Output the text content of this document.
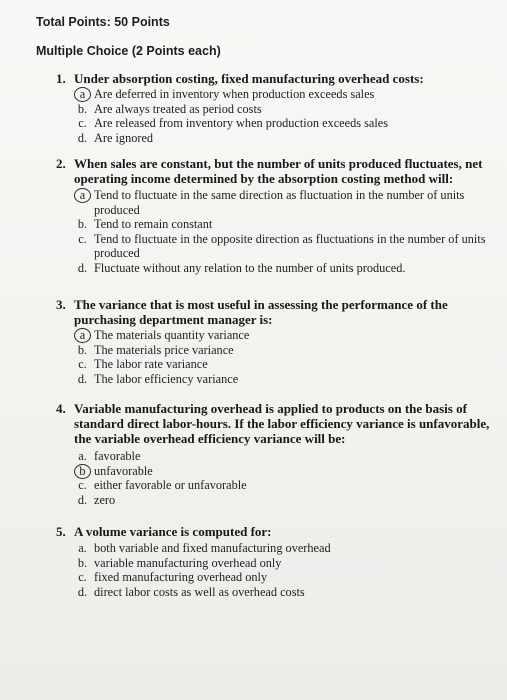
Total Points: 50 Points
Multiple Choice (2 Points each)
1. Under absorption costing, fixed manufacturing overhead costs:
a Are deferred in inventory when production exceeds sales
b. Are always treated as period costs
c. Are released from inventory when production exceeds sales
d. Are ignored
2. When sales are constant, but the number of units produced fluctuates, net operating income determined by the absorption costing method will:
a Tend to fluctuate in the same direction as fluctuation in the number of units produced
b. Tend to remain constant
c. Tend to fluctuate in the opposite direction as fluctuations in the number of units produced
d. Fluctuate without any relation to the number of units produced.
3. The variance that is most useful in assessing the performance of the purchasing department manager is:
a The materials quantity variance
b. The materials price variance
c. The labor rate variance
d. The labor efficiency variance
4. Variable manufacturing overhead is applied to products on the basis of standard direct labor-hours. If the labor efficiency variance is unfavorable, the variable overhead efficiency variance will be:
a. favorable
b unfavorable
c. either favorable or unfavorable
d. zero
5. A volume variance is computed for:
a. both variable and fixed manufacturing overhead
b. variable manufacturing overhead only
c. fixed manufacturing overhead only
d. direct labor costs as well as overhead costs
